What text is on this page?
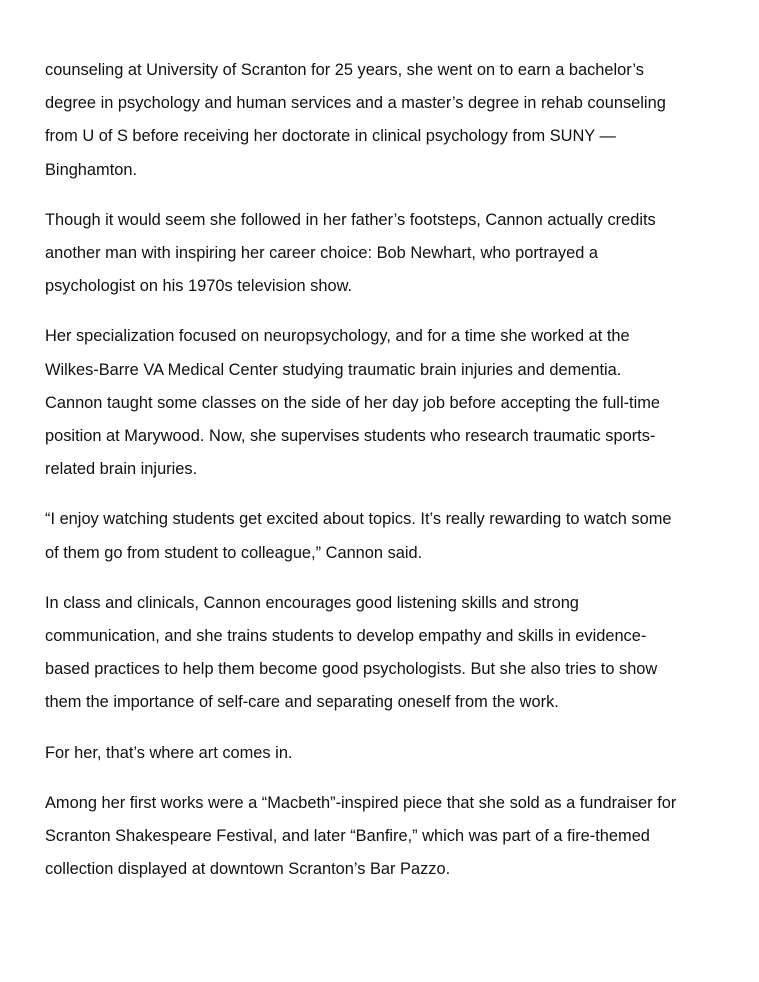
counseling at University of Scranton for 25 years, she went on to earn a bachelor’s
degree in psychology and human services and a master’s degree in rehab counseling
from U of S before receiving her doctorate in clinical psychology from SUNY —
Binghamton.

Though it would seem she followed in her father’s footsteps, Cannon actually credits
another man with inspiring her career choice: Bob Newhart, who portrayed a
psychologist on his 1970s television show.

Her specialization focused on neuropsychology, and for a time she worked at the
Wilkes-Barre VA Medical Center studying traumatic brain injuries and dementia.
Cannon taught some classes on the side of her day job before accepting the full-time
position at Marywood. Now, she supervises students who research traumatic sports-
related brain injuries.

“I enjoy watching students get excited about topics. It’s really rewarding to watch some
of them go from student to colleague,” Cannon said.

In class and clinicals, Cannon encourages good listening skills and strong
communication, and she trains students to develop empathy and skills in evidence-
based practices to help them become good psychologists. But she also tries to show
them the importance of self-care and separating oneself from the work.

For her, that’s where art comes in.

Among her first works were a “Macbeth”-inspired piece that she sold as a fundraiser for
Scranton Shakespeare Festival, and later “Banfire,” which was part of a fire-themed
collection displayed at downtown Scranton’s Bar Pazzo.
